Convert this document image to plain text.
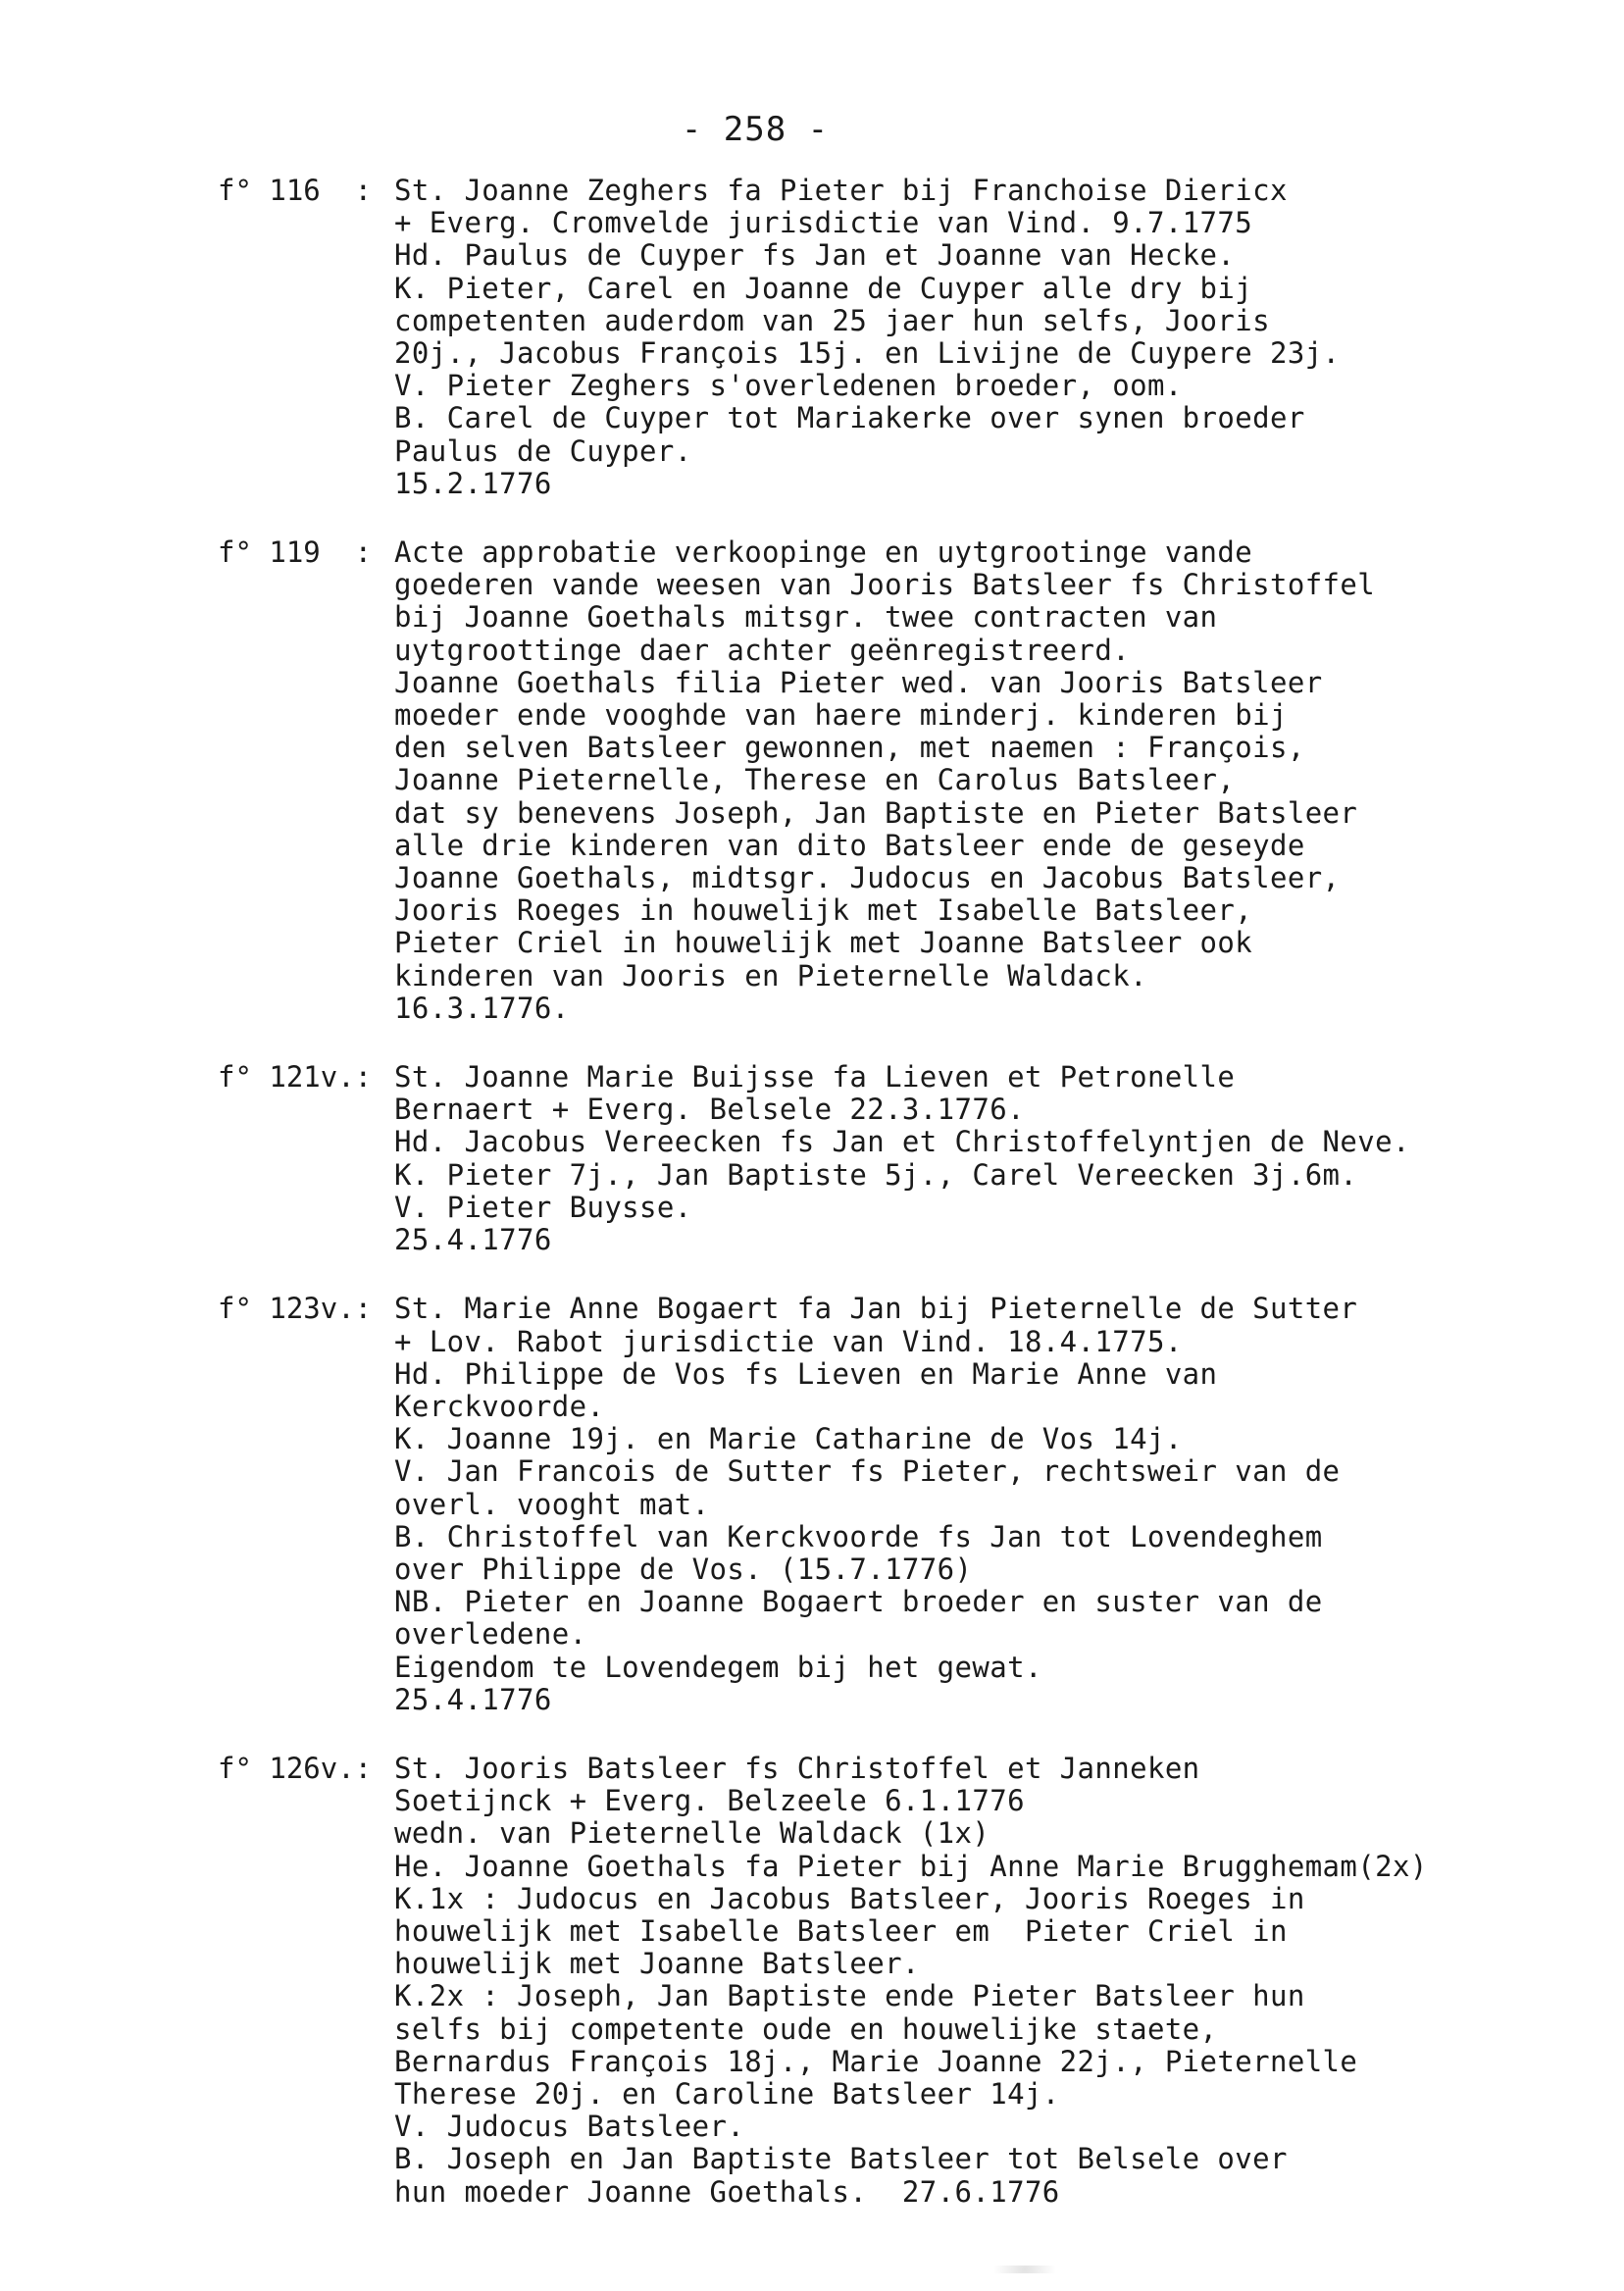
- 258 -
f° 116  : St. Joanne Zeghers fa Pieter bij Franchoise Diericx
+ Everg. Cromvelde jurisdictie van Vind. 9.7.1775
Hd. Paulus de Cuyper fs Jan et Joanne van Hecke.
K. Pieter, Carel en Joanne de Cuyper alle dry bij
competenten auderdom van 25 jaer hun selfs, Jooris
20j., Jacobus François 15j. en Livijne de Cuypere 23j.
V. Pieter Zeghers s'overledenen broeder, oom.
B. Carel de Cuyper tot Mariakerke over synen broeder
Paulus de Cuyper.
15.2.1776
f° 119  : Acte approbatie verkoopinge en uytgrootinge vande
goederen vande weesen van Jooris Batsleer fs Christoffel
bij Joanne Goethals mitsgr. twee contracten van
uytgroottinge daer achter geënregistreerd.
Joanne Goethals filia Pieter wed. van Jooris Batsleer
moeder ende vooghde van haere minderj. kinderen bij
den selven Batsleer gewonnen, met naemen : François,
Joanne Pieternelle, Therese en Carolus Batsleer,
dat sy benevens Joseph, Jan Baptiste en Pieter Batsleer
alle drie kinderen van dito Batsleer ende de geseyde
Joanne Goethals, midtsgr. Judocus en Jacobus Batsleer,
Jooris Roeges in houwelijk met Isabelle Batsleer,
Pieter Criel in houwelijk met Joanne Batsleer ook
kinderen van Jooris en Pieternelle Waldack.
16.3.1776.
f° 121v.: St. Joanne Marie Buijsse fa Lieven et Petronelle
Bernaert + Everg. Belsele 22.3.1776.
Hd. Jacobus Vereecken fs Jan et Christoffelyntjen de Neve.
K. Pieter 7j., Jan Baptiste 5j., Carel Vereecken 3j.6m.
V. Pieter Buysse.
25.4.1776
f° 123v.: St. Marie Anne Bogaert fa Jan bij Pieternelle de Sutter
+ Lov. Rabot jurisdictie van Vind. 18.4.1775.
Hd. Philippe de Vos fs Lieven en Marie Anne van
Kerckvoorde.
K. Joanne 19j. en Marie Catharine de Vos 14j.
V. Jan Francois de Sutter fs Pieter, rechtsweir van de
overl. vooght mat.
B. Christoffel van Kerckvoorde fs Jan tot Lovendeghem
over Philippe de Vos. (15.7.1776)
NB. Pieter en Joanne Bogaert broeder en suster van de
overledene.
Eigendom te Lovendegem bij het gewat.
25.4.1776
f° 126v.: St. Jooris Batsleer fs Christoffel et Janneken
Soetijnck + Everg. Belzeele 6.1.1776
wedn. van Pieternelle Waldack (1x)
He. Joanne Goethals fa Pieter bij Anne Marie Brugghemam(2x)
K.1x : Judocus en Jacobus Batsleer, Jooris Roeges in
houwelijk met Isabelle Batsleer em  Pieter Criel in
houwelijk met Joanne Batsleer.
K.2x : Joseph, Jan Baptiste ende Pieter Batsleer hun
selfs bij competente oude en houwelijke staete,
Bernardus François 18j., Marie Joanne 22j., Pieternelle
Therese 20j. en Caroline Batsleer 14j.
V. Judocus Batsleer.
B. Joseph en Jan Baptiste Batsleer tot Belsele over
hun moeder Joanne Goethals.  27.6.1776
